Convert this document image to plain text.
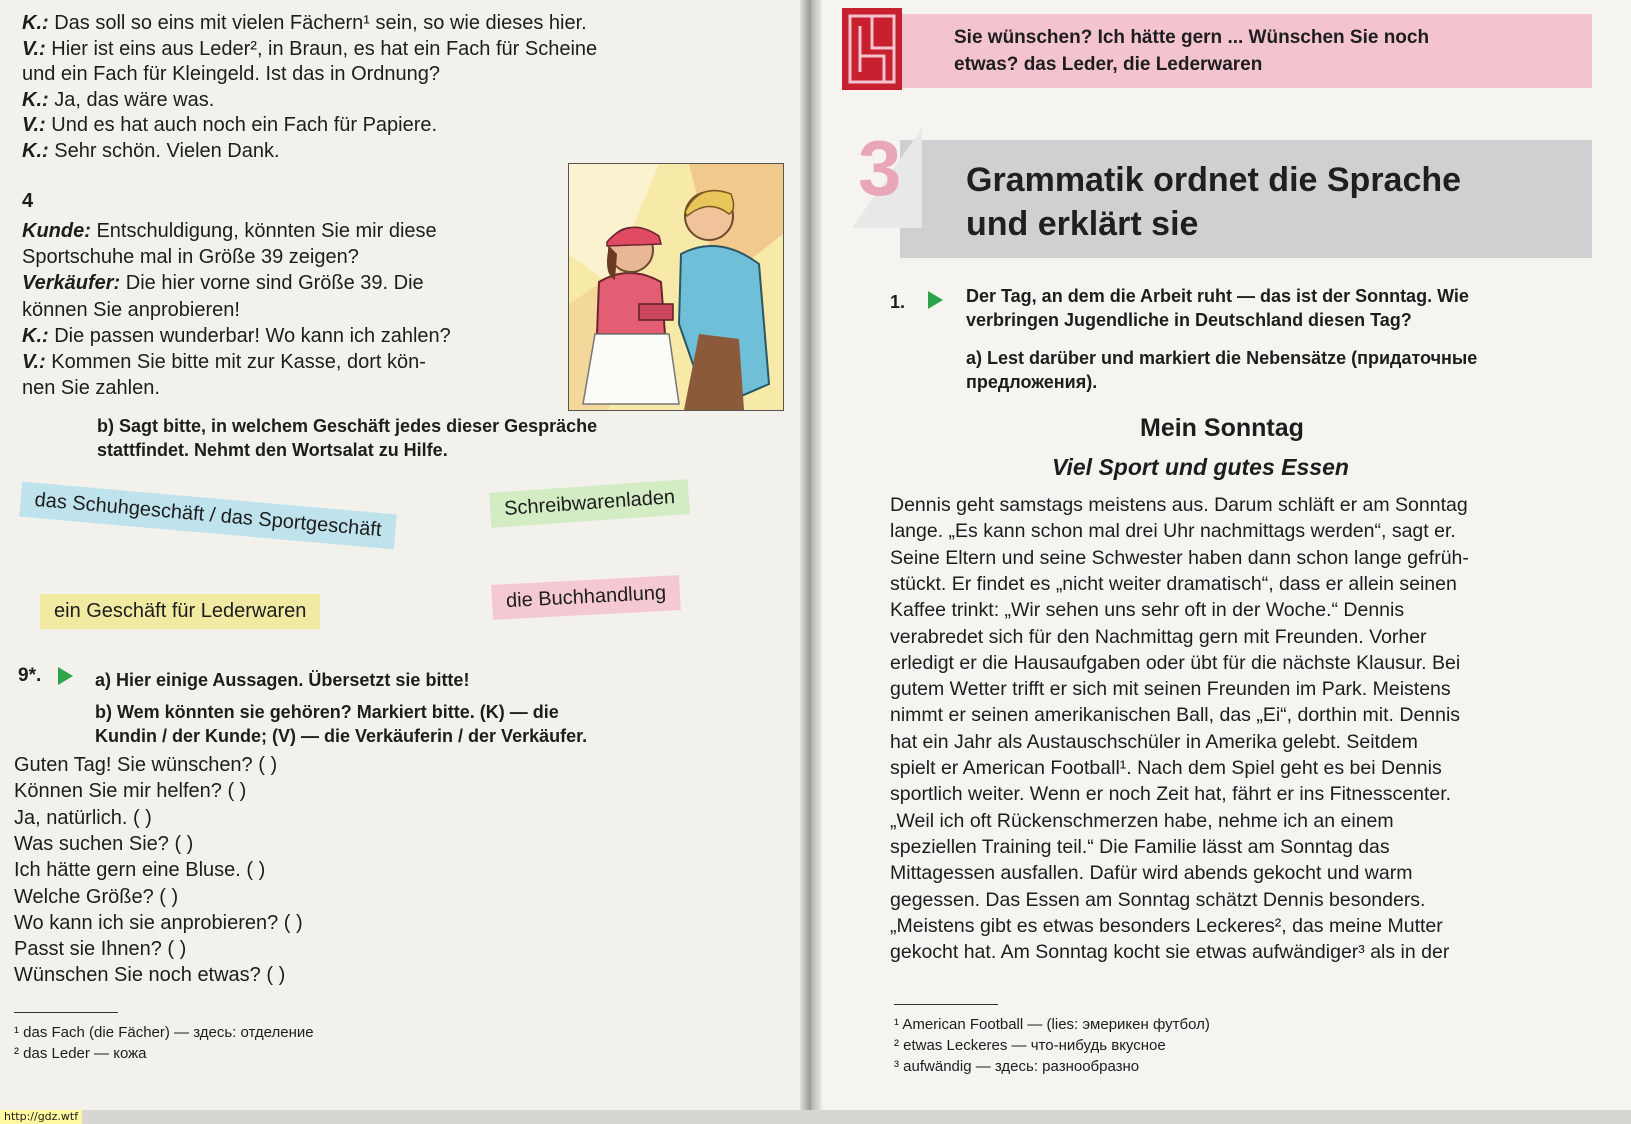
K.: Das soll so eins mit vielen Fächern¹ sein, so wie dieses hier.
V.: Hier ist eins aus Leder², in Braun, es hat ein Fach für Scheine
und ein Fach für Kleingeld. Ist das in Ordnung?
K.: Ja, das wäre was.
V.: Und es hat auch noch ein Fach für Papiere.
K.: Sehr schön. Vielen Dank.
4
Kunde: Entschuldigung, könnten Sie mir diese
Sportschuhe mal in Größe 39 zeigen?
Verkäufer: Die hier vorne sind Größe 39. Die
können Sie anprobieren!
K.: Die passen wunderbar! Wo kann ich zahlen?
V.: Kommen Sie bitte mit zur Kasse, dort kön-
nen Sie zahlen.
b) Sagt bitte, in welchem Geschäft jedes dieser Gespräche
stattfindet. Nehmt den Wortsalat zu Hilfe.
das Schuhgeschäft / das Sportgeschäft	Schreibwarenladen
ein Geschäft für Lederwaren	die Buchhandlung
9*.	a) Hier einige Aussagen. Übersetzt sie bitte!
b) Wem könnten sie gehören? Markiert bitte. (K) — die
Kundin / der Kunde; (V) — die Verkäuferin / der Verkäufer.
Guten Tag! Sie wünschen? ( )
Können Sie mir helfen? ( )
Ja, natürlich. ( )
Was suchen Sie? ( )
Ich hätte gern eine Bluse. ( )
Welche Größe? ( )
Wo kann ich sie anprobieren? ( )
Passt sie Ihnen? ( )
Wünschen Sie noch etwas? ( )
¹ das Fach (die Fächer) — здесь: отделение
² das Leder — кожа
Sie wünschen? Ich hätte gern ... Wünschen Sie noch
etwas? das Leder, die Lederwaren
3 Grammatik ordnet die Sprache
und erklärt sie
1.	Der Tag, an dem die Arbeit ruht — das ist der Sonntag. Wie
verbringen Jugendliche in Deutschland diesen Tag?
a) Lest darüber und markiert die Nebensätze (придаточные
предложения).
Mein Sonntag
Viel Sport und gutes Essen
Dennis geht samstags meistens aus. Darum schläft er am Sonntag
lange. „Es kann schon mal drei Uhr nachmittags werden“, sagt er.
Seine Eltern und seine Schwester haben dann schon lange gefrüh-
stückt. Er findet es „nicht weiter dramatisch“, dass er allein seinen
Kaffee trinkt: „Wir sehen uns sehr oft in der Woche.“ Dennis
verabredet sich für den Nachmittag gern mit Freunden. Vorher
erledigt er die Hausaufgaben oder übt für die nächste Klausur. Bei
gutem Wetter trifft er sich mit seinen Freunden im Park. Meistens
nimmt er seinen amerikanischen Ball, das „Ei“, dorthin mit. Dennis
hat ein Jahr als Austauschschüler in Amerika gelebt. Seitdem
spielt er American Football¹. Nach dem Spiel geht es bei Dennis
sportlich weiter. Wenn er noch Zeit hat, fährt er ins Fitnesscenter.
„Weil ich oft Rückenschmerzen habe, nehme ich an einem
speziellen Training teil.“ Die Familie lässt am Sonntag das
Mittagessen ausfallen. Dafür wird abends gekocht und warm
gegessen. Das Essen am Sonntag schätzt Dennis besonders.
„Meistens gibt es etwas besonders Leckeres², das meine Mutter
gekocht hat. Am Sonntag kocht sie etwas aufwändiger³ als in der
¹ American Football — (lies: эмерикен футбол)
² etwas Leckeres — что-нибудь вкусное
³ aufwändig — здесь: разнообразно
http://gdz.wtf
